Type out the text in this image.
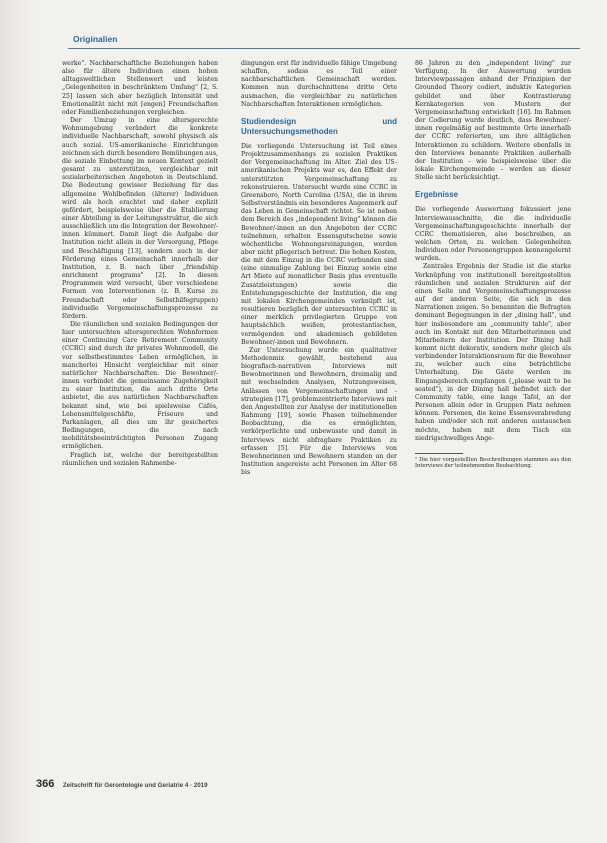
Originalien

werke". Nachbarschaftliche Beziehungen haben also für ältere Individuen einen hohen alltagsweltlichen Stellenwert und leisten „Gelegenheiten in beschränktem Umfang" [2, S. 25] lassen sich aber bezüglich Intensität und Emotionalität nicht mit [engen] Freundschaften oder Familienbeziehungen vergleichen.

Der Umzug in eine altersgerechte Wohnumgebung verändert die konkrete individuelle Nachbarschaft, sowohl physisch als auch sozial. US-amerikanische Einrichtungen zeichnen sich durch besondere Bemühungen aus, die soziale Einbettung im neuen Kontext gezielt gesamt zu unterstützen, vergleichbar mit sozialarbeiterischen Angeboten in Deutschland. Die Bedeutung gewisser Beziehung für das allgemeine Wohlbefinden (älterer) Individuen wird als hoch erachtet und daher explizit gefördert, beispielsweise über die Etablierung einer Abteilung in der Leitungsstruktur, die sich ausschließlich um die Integration der Bewohner/-innen kümmert. Damit liegt die Aufgabe der Institution nicht allein in der Versorgung, Pflege und Beschäftigung [13], sondern auch in der Förderung eines Gemeinschaft innerhalb der Institution, z. B. nach über „friendship enrichment programs" [2]. In diesen Programmen wird versucht, über verschiedene Formen von Interventionen (z. B. Kurse zu Freundschaft oder Selbsthilfegruppen) individuelle Vergemeinschaftungsprozesse zu fördern.

Die räumlichen und sozialen Bedingungen der hier untersuchten altersgerechten Wohnformen einer Continuing Care Retirement Community (CCRC) sind durch ihr privates Wohnmodell, die vor selbstbestimmtes Leben ermöglichen, in mancherlei Hinsicht vergleichbar mit einer natürlicher Nachbarschaften. Die Bewohner/-innen verbindet die gemeinsame Zugehörigkeit zu einer Institution, die auch dritte Orte anbietet, die aus natürlichen Nachbarschaften bekannt sind, wie bei spielsweise Cafés, Lebensmittelgeschäfte, Friseure und Parkanlagen, all dies um ihr gesichertes Bedingungen, die nach mobilitätsbeeinträchtigten Personen Zugang ermöglichen.

Fraglich ist, welche der bereitgestellten räumlichen und sozialen Rahmenbe-

dingungen erst für individuelle fähige Umgebung schaffen, sodass es Teil einer nachbarschaftlichen Gemeinschaft werden. Kommen nun durchschnittene dritte Orte ausmachen, die vergleichbar zu natürlichen Nachbarschaften Interaktionen ermöglichen.

Studiendesign und Untersuchungsmethoden

Die vorliegende Untersuchung ist Teil eines Projektzusammenhangs zu sozialen Praktiken der Vergemeinschaftung im Alter. Ziel des US-amerikanischen Projekts war es, den Effekt der unterstützten Vergemeinschaftung zu rekonstruieren. Untersucht wurde eine CCRC in Greensboro, North Carolina (USA), die in ihrem Selbstverständnis ein besonderes Augenmerk auf das Leben in Gemeinschaft richtet. So ist neben dem Bereich des „independent living" können die Bewohner/-innen an den Angeboten der CCRC teilnehmen, erhalten Essensgutscheine sowie wöchentliche Wohnungsreinigungen, werden aber nicht pflegerisch betreut. Die hohen Kosten, die mit dem Einzug in die CCRC verbunden sind (eine einmalige Zahlung bei Einzug sowie eine Art Miete auf monatlicher Basis plus eventuelle Zusatzleistungen) sowie die Entstehungsgeschichte der Institution, die eng mit lokalen Kirchengemeinden verknüpft ist, resultieren bezüglich der untersuchten CCRC in einer merklich privilegierten Gruppe von hauptsächlich weißen, protestantischen, vermögenden und akademisch gebildeten Bewohner/-innen und Bewohnern.

Zur Untersuchung wurde ein qualitativer Methodenmix gewählt, bestehend aus biografisch-narrativen Interviews mit Bewohnerinnen und Bewohnern, dreimalig und mit wechselnden Analysen, Nutzungsweisen, Anlässen von Vergemeinschaftungen und -strategien [17], problemzentrierte Interviews mit den Angestellten zur Analyse der institutionellen Rahmung [19], sowie Phasen teilnehmender Beobachtung, die es ermöglichten, verkörperlichte und unbewusste und damit in Interviews nicht abfragbare Praktiken zu erfassen [5]. Für die Interviews von Bewohnerinnen und Bewohnern standen an der Institution angereiste acht Personen im Alter 68 bis

86 Jahren zu den „independent living" zur Verfügung. In der Auswertung wurden Interviewpassagen anhand der Prinzipien der Grounded Theory codiert, induktiv Kategorien gebildet und über Kontrastierung Kernkategorien von Mustern der Vergemeinschaftung entwickelt [16]. Im Rahmen der Codierung wurde deutlich, dass Bewohner/-innen regelmäßig auf bestimmte Orte innerhalb der CCRC referierten, um ihre alltäglichen Interaktionen zu schildern. Weitere ebenfalls in den Interviews benannte Praktiken außerhalb der Institution – wie beispielsweise über die lokale Kirchengemeinde – werden an dieser Stelle nicht berücksichtigt.

Ergebnisse

Die vorliegende Auswertung fokussiert jene Interviewausschnitte, die die individuelle Vergemeinschaftungsgeschichte innerhalb der CCRC thematisieren, also beschreiben, an welchen Orten, zu welchen Gelegenheiten Individuen oder Personengruppen kennengelernt wurden.

Zentrales Ergebnis der Studie ist die starke Verknüpfung von institutionell bereitgestellten räumlichen und sozialen Strukturen auf der einen Seite und Vergemeinschaftungsprozesse auf der anderen Seite, die sich in den Narrationen zeigen. So benannten die Befragten dominant Begegnungen in der „dining hall", und hier insbesondere am „community table", aber auch im Kontakt mit den Mitarbeiterinnen und Mitarbeitern der Institution. Der Dining hall kommt nicht dekorativ, sondern mehr gleich als verbindender Interaktionsraum für die Bewohner zu, welcher auch eine beträchtliche Unterhaltung. Die Gäste werden im Eingangsbereich empfangen („please wait to be seated"), in der Dining hall befindet sich der Community table, eine lange Tafel, an der Personen allein oder in Gruppen Platz nehmen können. Personen, die keine Essensverabredung haben und/oder sich mit anderen austauschen möchte, haben mit dem Tisch ein niedrigschwelliges Ange-

¹ Die hier vorgestellten Beschreibungen stammen aus den Interviews der teilnehmenden Beobachtung.
366 Zeitschrift für Gerontologie und Geriatrie 4 · 2019
